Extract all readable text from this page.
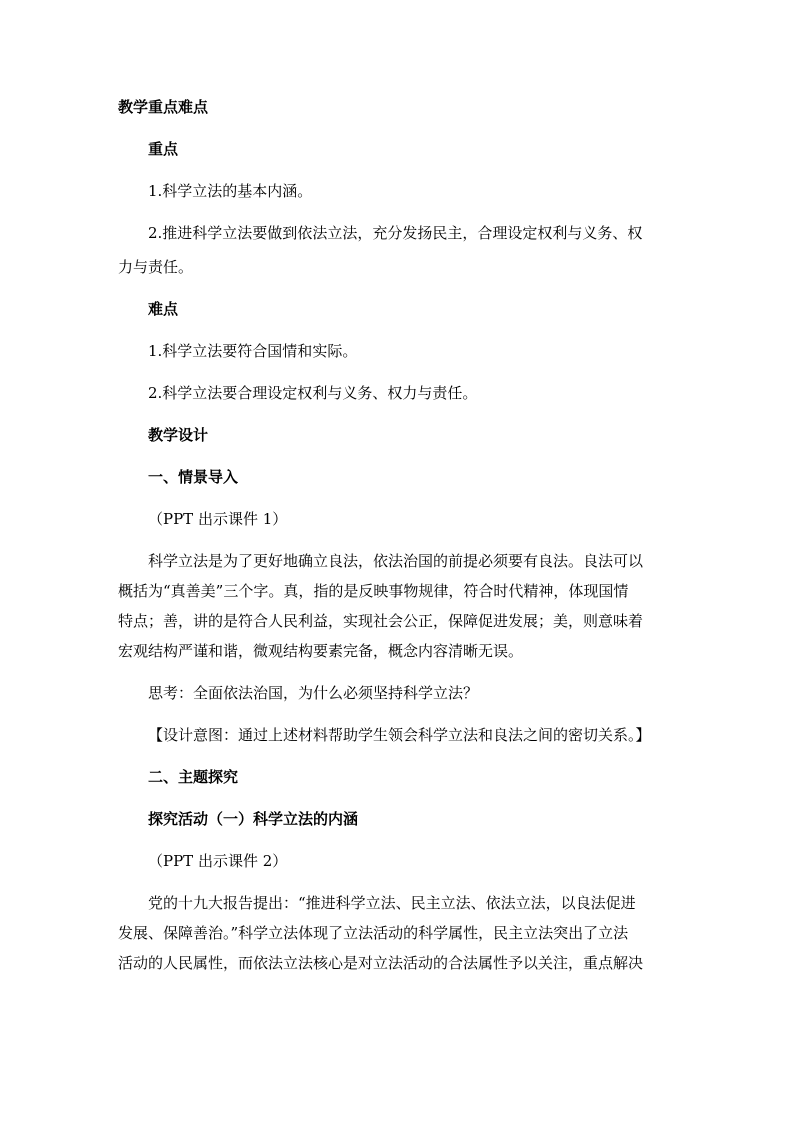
教学重点难点

重点

1.科学立法的基本内涵。

2.推进科学立法要做到依法立法，充分发扬民主，合理设定权利与义务、权

力与责任。

难点

1.科学立法要符合国情和实际。

2.科学立法要合理设定权利与义务、权力与责任。

教学设计

一、情景导入

（PPT 出示课件 1）

科学立法是为了更好地确立良法，依法治国的前提必须要有良法。良法可以

概括为“真善美”三个字。真，指的是反映事物规律，符合时代精神，体现国情

特点；善，讲的是符合人民利益，实现社会公正，保障促进发展；美，则意味着

宏观结构严谨和谐，微观结构要素完备，概念内容清晰无误。

思考：全面依法治国，为什么必须坚持科学立法？

【设计意图：通过上述材料帮助学生领会科学立法和良法之间的密切关系。】

二、主题探究

探究活动（一）科学立法的内涵

（PPT 出示课件 2）

党的十九大报告提出：“推进科学立法、民主立法、依法立法，以良法促进

发展、保障善治。”科学立法体现了立法活动的科学属性，民主立法突出了立法

活动的人民属性，而依法立法核心是对立法活动的合法属性予以关注，重点解决
